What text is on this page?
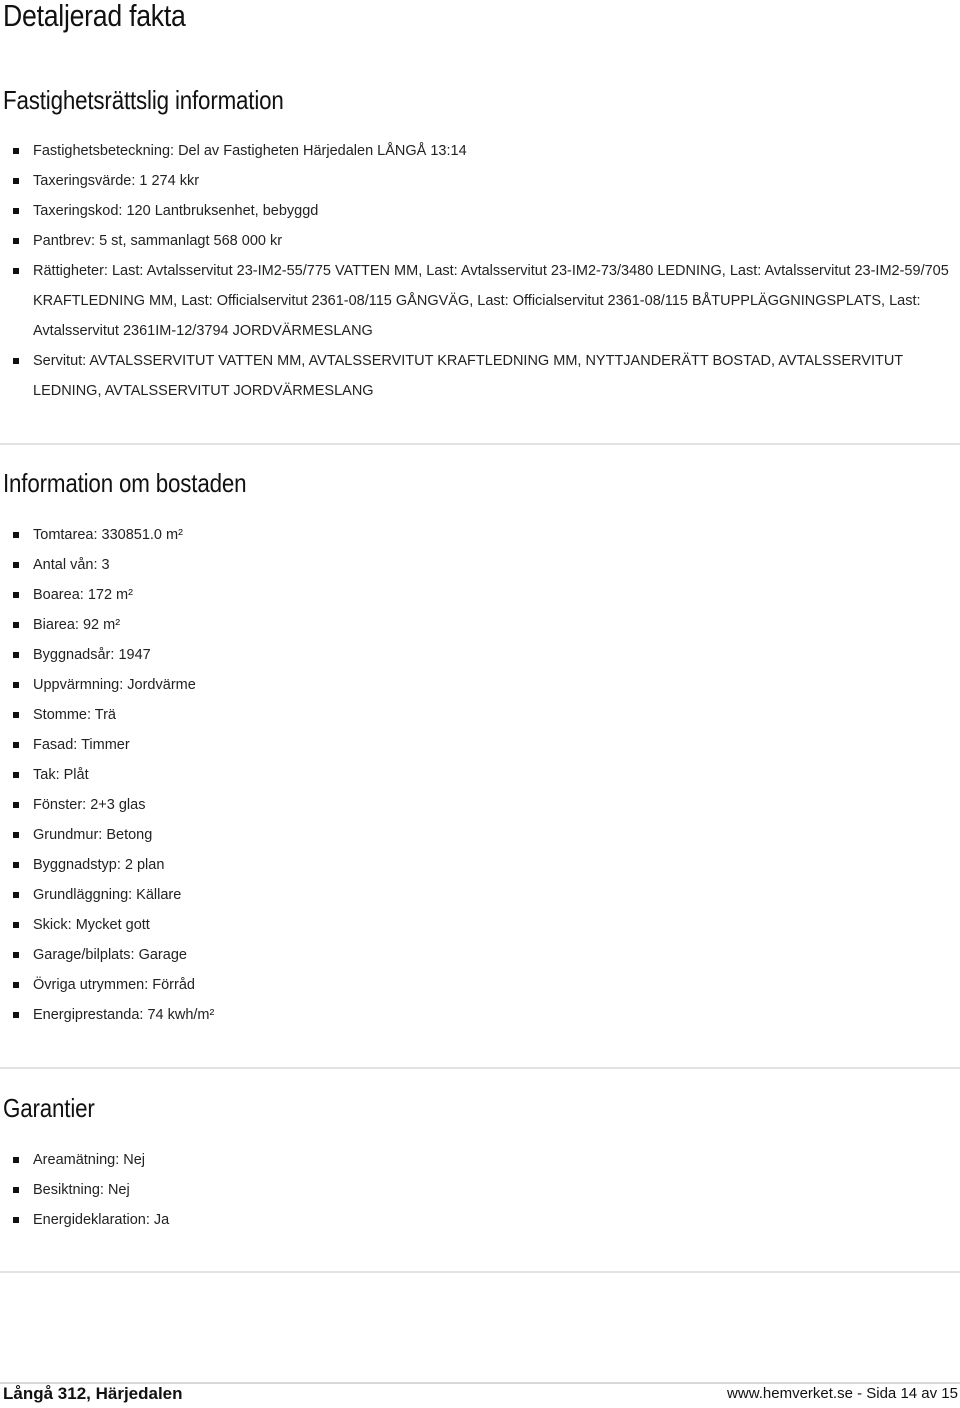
Detaljerad fakta
Fastighetsrättslig information
Fastighetsbeteckning: Del av Fastigheten Härjedalen LÅNGÅ 13:14
Taxeringsvärde: 1 274 kkr
Taxeringskod: 120 Lantbruksenhet, bebyggd
Pantbrev: 5 st, sammanlagt 568 000 kr
Rättigheter: Last: Avtalsservitut 23-IM2-55/775 VATTEN MM, Last: Avtalsservitut 23-IM2-73/3480 LEDNING, Last: Avtalsservitut 23-IM2-59/705 KRAFTLEDNING MM, Last: Officialservitut 2361-08/115 GÅNGVÄG, Last: Officialservitut 2361-08/115 BÅTUPPLÄGGNINGSPLATS, Last: Avtalsservitut 2361IM-12/3794 JORDVÄRMESLANG
Servitut: AVTALSSERVITUT VATTEN MM, AVTALSSERVITUT KRAFTLEDNING MM, NYTTJANDERÄTT BOSTAD, AVTALSSERVITUT LEDNING, AVTALSSERVITUT JORDVÄRMESLANG
Information om bostaden
Tomtarea: 330851.0 m²
Antal vån: 3
Boarea: 172 m²
Biarea: 92 m²
Byggnadsår: 1947
Uppvärmning: Jordvärme
Stomme: Trä
Fasad: Timmer
Tak: Plåt
Fönster: 2+3 glas
Grundmur: Betong
Byggnadstyp: 2 plan
Grundläggning: Källare
Skick: Mycket gott
Garage/bilplats: Garage
Övriga utrymmen: Förråd
Energiprestanda: 74 kwh/m²
Garantier
Areamätning: Nej
Besiktning: Nej
Energideklaration: Ja
Långå 312, Härjedalen	www.hemverket.se - Sida 14 av 15
